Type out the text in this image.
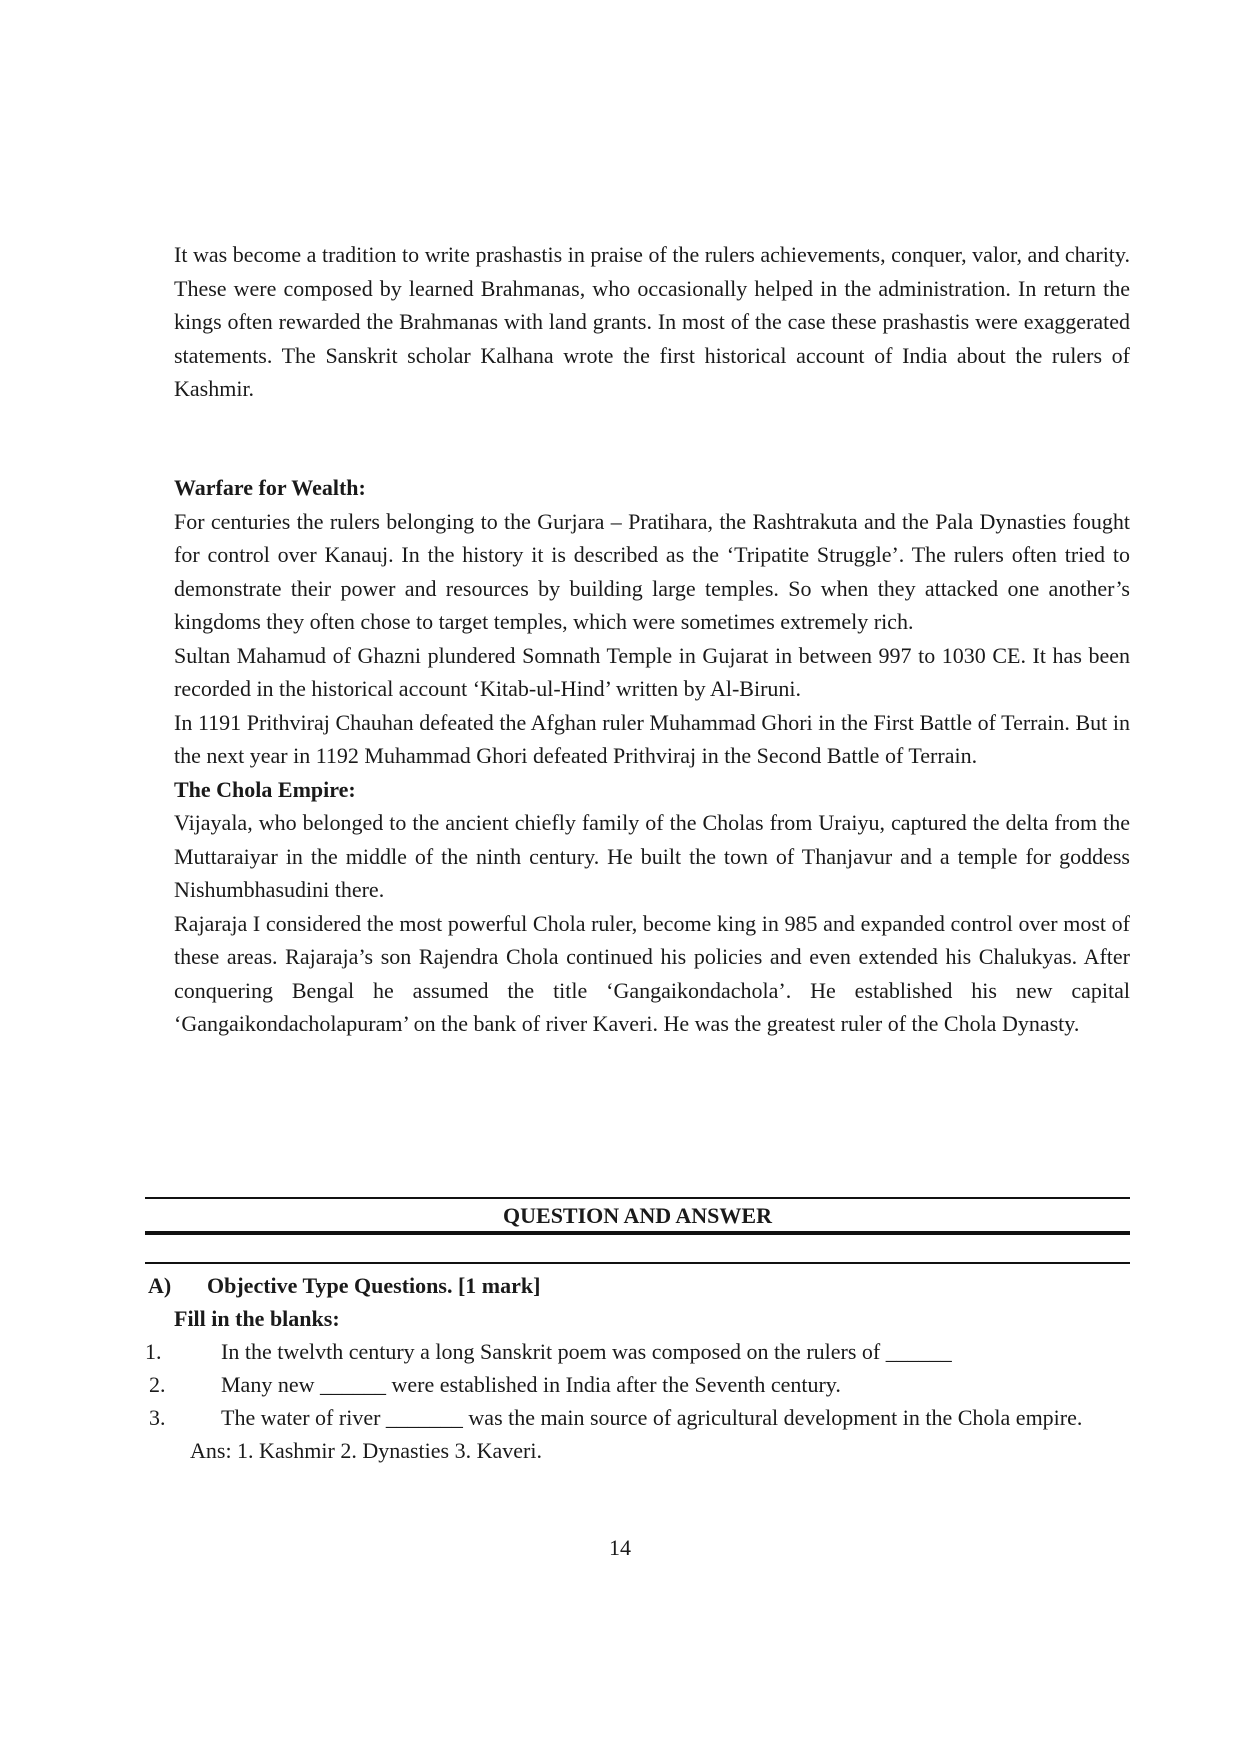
It was become a tradition to write prashastis in praise of the rulers achievements, conquer, valor, and charity. These were composed by learned Brahmanas, who occasionally helped in the administration. In return the kings often rewarded the Brahmanas with land grants. In most of the case these prashastis were exaggerated statements. The Sanskrit scholar Kalhana wrote the first historical account of India about the rulers of Kashmir.

Warfare for Wealth:

For centuries the rulers belonging to the Gurjara – Pratihara, the Rashtrakuta and the Pala Dynasties fought for control over Kanauj. In the history it is described as the ‘Tripatite Struggle’. The rulers often tried to demonstrate their power and resources by building large temples. So when they attacked one another’s kingdoms they often chose to target temples, which were sometimes extremely rich.

Sultan Mahamud of Ghazni plundered Somnath Temple in Gujarat in between 997 to 1030 CE. It has been recorded in the historical account ‘Kitab-ul-Hind’ written by Al-Biruni.

In 1191 Prithviraj Chauhan defeated the Afghan ruler Muhammad Ghori in the First Battle of Terrain. But in the next year in 1192 Muhammad Ghori defeated Prithviraj in the Second Battle of Terrain.

The Chola Empire:

Vijayala, who belonged to the ancient chiefly family of the Cholas from Uraiyu, captured the delta from the Muttaraiyar in the middle of the ninth century. He built the town of Thanjavur and a temple for goddess Nishumbhasudini there.

Rajaraja I considered the most powerful Chola ruler, become king in 985 and expanded control over most of these areas. Rajaraja’s son Rajendra Chola continued his policies and even extended his Chalukyas. After conquering Bengal he assumed the title ‘Gangaikondachola’. He established his new capital ‘Gangaikondacholapuram’ on the bank of river Kaveri. He was the greatest ruler of the Chola Dynasty.

QUESTION AND ANSWER
A) Objective Type Questions. [1 mark]
Fill in the blanks:
1.	In the twelvth century a long Sanskrit poem was composed on the rulers of ______
2.	Many new ______ were established in India after the Seventh century.
3.	The water of river _______ was the main source of agricultural development in the Chola empire.
Ans: 1. Kashmir 2. Dynasties 3. Kaveri.
14
